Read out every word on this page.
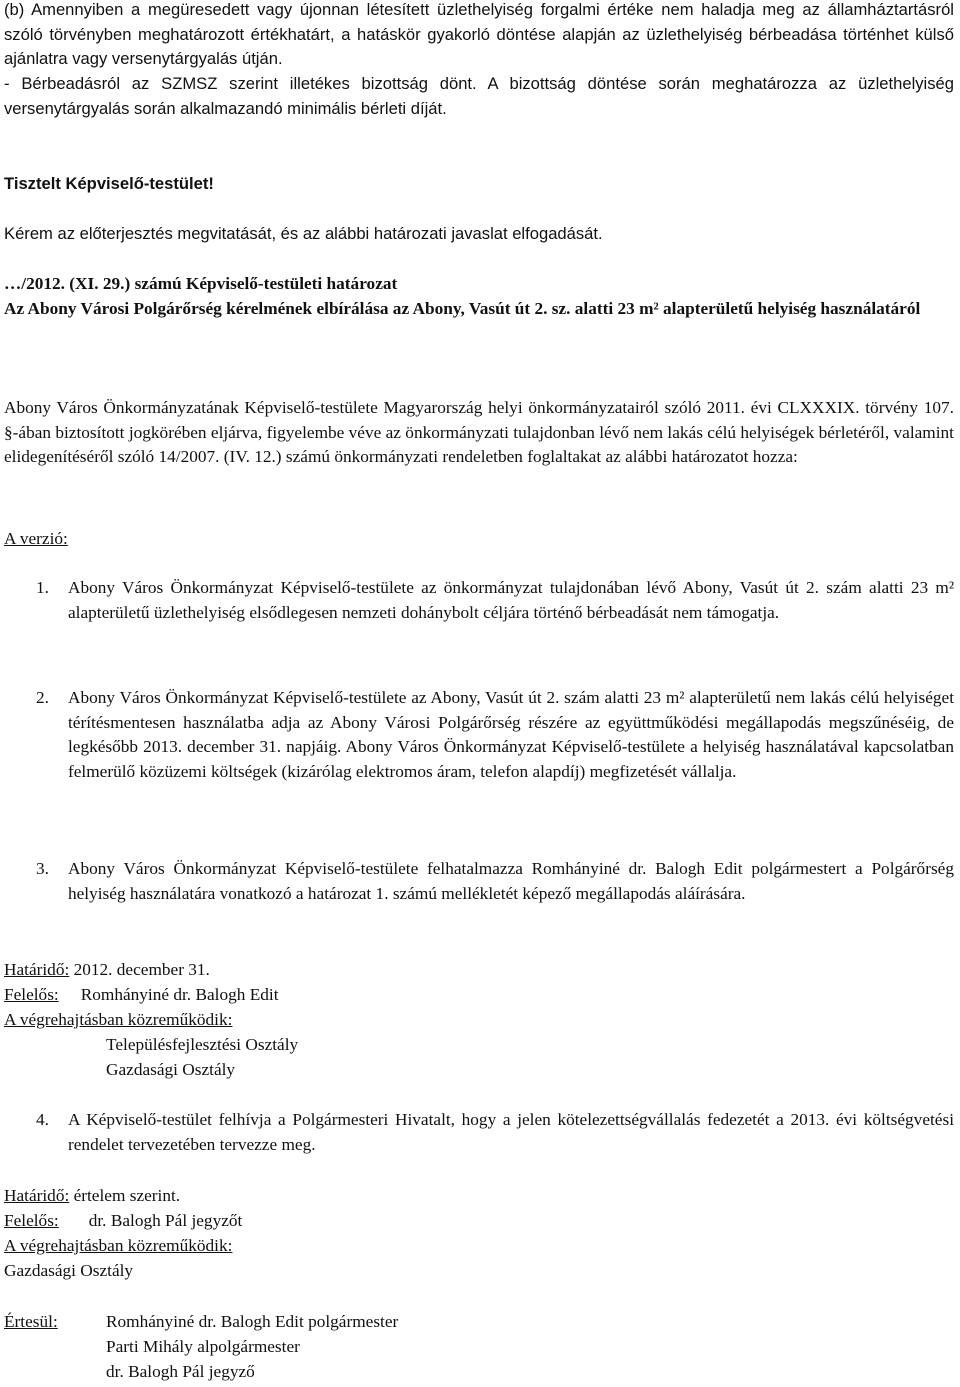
(b) Amennyiben a megüresedett vagy újonnan létesített üzlethelyiség forgalmi értéke nem haladja meg az államháztartásról szóló törvényben meghatározott értékhatárt, a hatáskör gyakorló döntése alapján az üzlethelyiség bérbeadása történhet külső ajánlatra vagy versenytárgyalás útján.
- Bérbeadásról az SZMSZ szerint illetékes bizottság dönt. A bizottság döntése során meghatározza az üzlethelyiség versenytárgyalás során alkalmazandó minimális bérleti díját.
Tisztelt Képviselő-testület!
Kérem az előterjesztés megvitatását, és az alábbi határozati javaslat elfogadását.
…/2012. (XI. 29.) számú Képviselő-testületi határozat
Az Abony Városi Polgárőrség kérelmének elbírálása az Abony, Vasút út 2. sz. alatti 23 m² alapterületű helyiség használatáról
Abony Város Önkormányzatának Képviselő-testülete Magyarország helyi önkormányzatairól szóló 2011. évi CLXXXIX. törvény 107. §-ában biztosított jogkörében eljárva, figyelembe véve az önkormányzati tulajdonban lévő nem lakás célú helyiségek bérletéről, valamint elidegenítéséről szóló 14/2007. (IV. 12.) számú önkormányzati rendeletben foglaltakat az alábbi határozatot hozza:
A verzió:
1.	Abony Város Önkormányzat Képviselő-testülete az önkormányzat tulajdonában lévő Abony, Vasút út 2. szám alatti 23 m² alapterületű üzlethelyiség elsődlegesen nemzeti dohánybolt céljára történő bérbeadását nem támogatja.
2.	Abony Város Önkormányzat Képviselő-testülete az Abony, Vasút út 2. szám alatti 23 m² alapterületű nem lakás célú helyiséget térítésmentesen használatba adja az Abony Városi Polgárőrség részére az együttműködési megállapodás megszűnéséig, de legkésőbb 2013. december 31. napjáig. Abony Város Önkormányzat Képviselő-testülete a helyiség használatával kapcsolatban felmerülő közüzemi költségek (kizárólag elektromos áram, telefon alapdíj) megfizetését vállalja.
3.	Abony Város Önkormányzat Képviselő-testülete felhatalmazza Romhányiné dr. Balogh Edit polgármestert a Polgárőrség helyiség használatára vonatkozó a határozat 1. számú mellékletét képező megállapodás aláírására.
Határidő: 2012. december 31.
Felelős: Romhányiné dr. Balogh Edit
A végrehajtásban közreműködik:
Településfejlesztési Osztály
Gazdasági Osztály
4.	A Képviselő-testület felhívja a Polgármesteri Hivatalt, hogy a jelen kötelezettségvállalás fedezetét a 2013. évi költségvetési rendelet tervezetében tervezze meg.
Határidő: értelem szerint.
Felelős: dr. Balogh Pál jegyzőt
A végrehajtásban közreműködik:
Gazdasági Osztály
Értesül:	Romhányiné dr. Balogh Edit polgármester
Parti Mihály alpolgármester
dr. Balogh Pál jegyző
